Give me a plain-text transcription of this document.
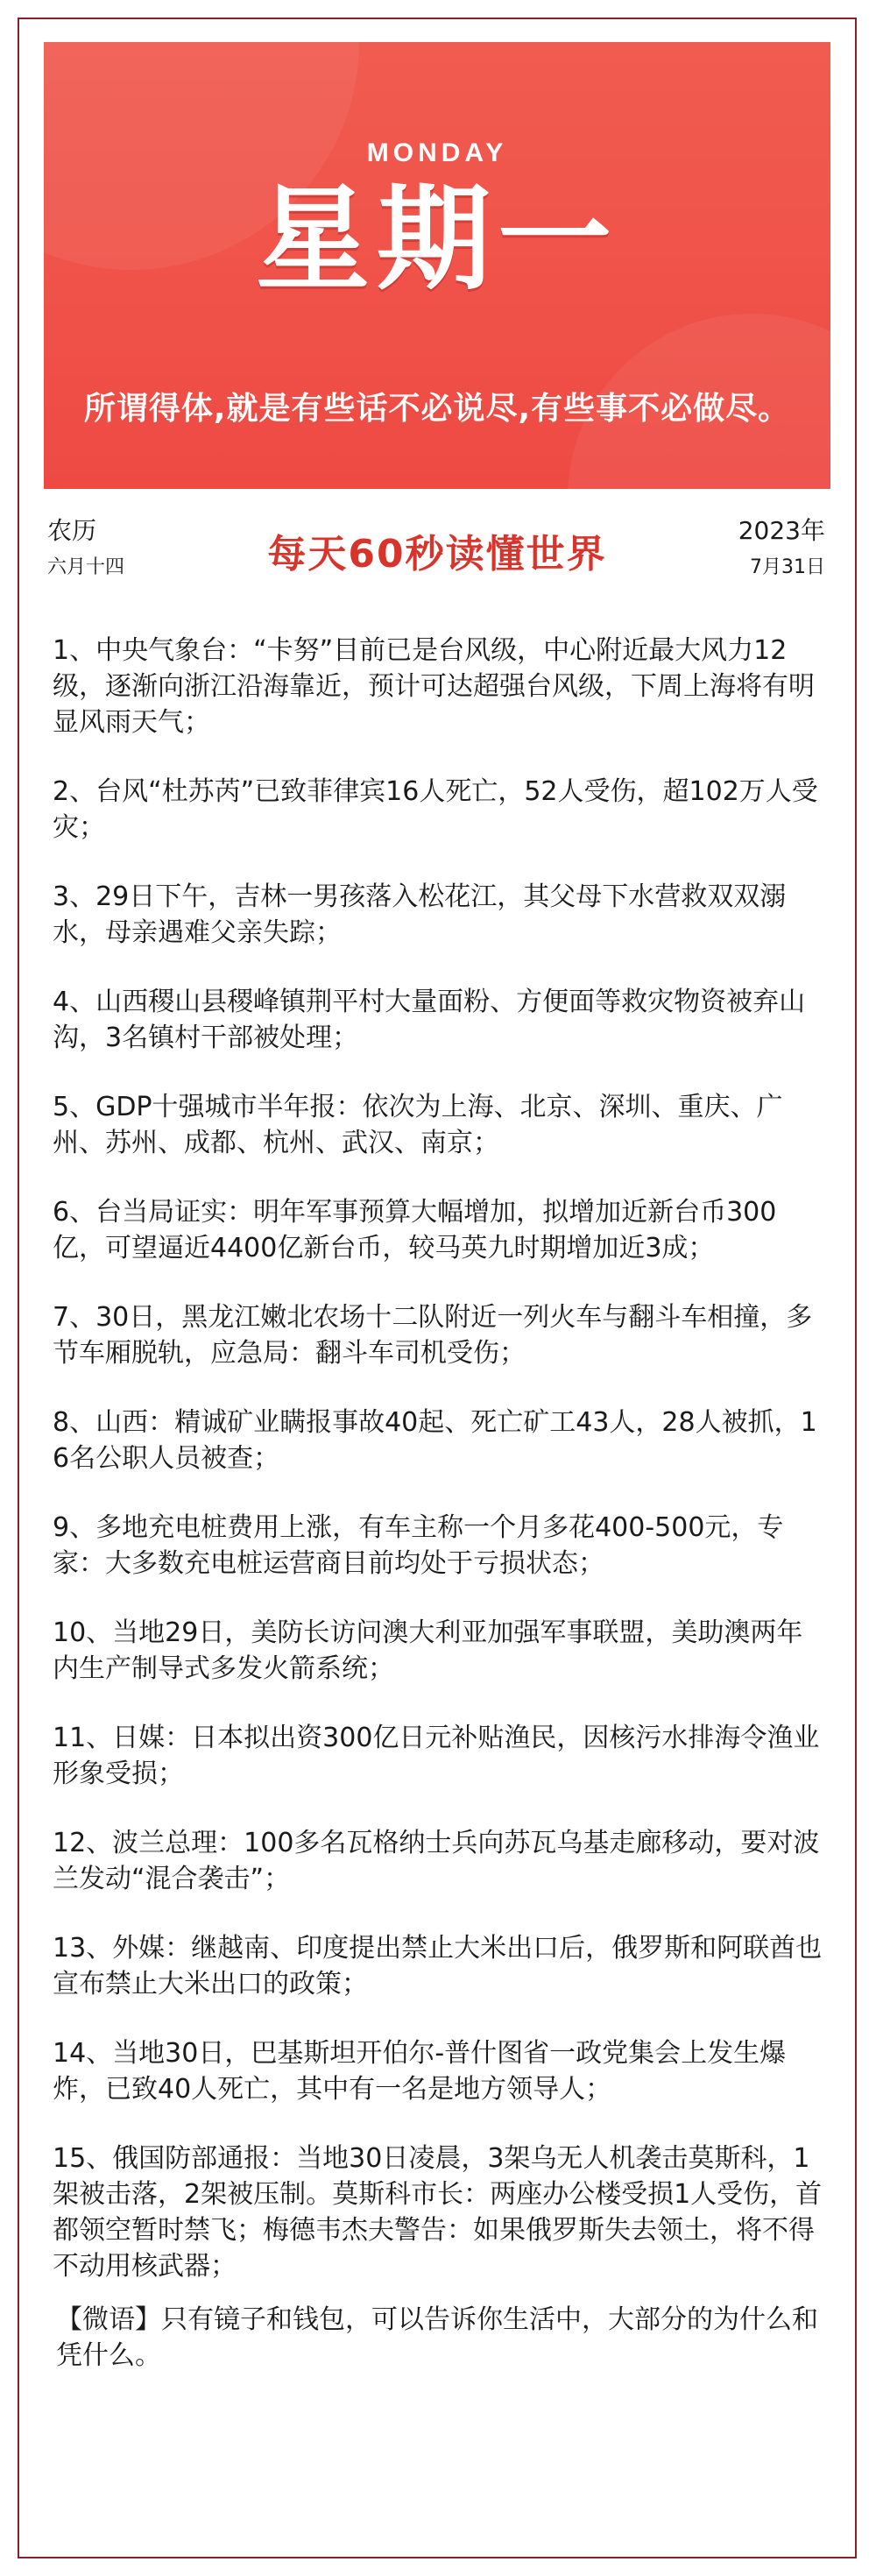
MONDAY
星期一
所谓得体,就是有些话不必说尽,有些事不必做尽。
农历
六月十四	每天60秒读懂世界
2023年
7月31日

1、中央气象台：“卡努”目前已是台风级，中心附近最大风力12级，逐渐向浙江沿海靠近，预计可达超强台风级，下周上海将有明显风雨天气；

2、台风“杜苏芮”已致菲律宾16人死亡，52人受伤，超102万人受灾；

3、29日下午，吉林一男孩落入松花江，其父母下水营救双双溺水，母亲遇难父亲失踪；

4、山西稷山县稷峰镇荆平村大量面粉、方便面等救灾物资被弃山沟，3名镇村干部被处理；

5、GDP十强城市半年报：依次为上海、北京、深圳、重庆、广州、苏州、成都、杭州、武汉、南京；

6、台当局证实：明年军事预算大幅增加，拟增加近新台币300亿，可望逼近4400亿新台币，较马英九时期增加近3成；

7、30日，黑龙江嫩北农场十二队附近一列火车与翻斗车相撞，多节车厢脱轨，应急局：翻斗车司机受伤；

8、山西：精诚矿业瞒报事故40起、死亡矿工43人，28人被抓，16名公职人员被查；

9、多地充电桩费用上涨，有车主称一个月多花400-500元，专家：大多数充电桩运营商目前均处于亏损状态；

10、当地29日，美防长访问澳大利亚加强军事联盟，美助澳两年内生产制导式多发火箭系统；

11、日媒：日本拟出资300亿日元补贴渔民，因核污水排海令渔业形象受损；

12、波兰总理：100多名瓦格纳士兵向苏瓦乌基走廊移动，要对波兰发动“混合袭击”；

13、外媒：继越南、印度提出禁止大米出口后，俄罗斯和阿联酋也宣布禁止大米出口的政策；

14、当地30日，巴基斯坦开伯尔-普什图省一政党集会上发生爆炸，已致40人死亡，其中有一名是地方领导人；

15、俄国防部通报：当地30日凌晨，3架乌无人机袭击莫斯科，1架被击落，2架被压制。莫斯科市长：两座办公楼受损1人受伤，首都领空暂时禁飞；梅德韦杰夫警告：如果俄罗斯失去领土，将不得不动用核武器；

【微语】只有镜子和钱包，可以告诉你生活中，大部分的为什么和凭什么。
